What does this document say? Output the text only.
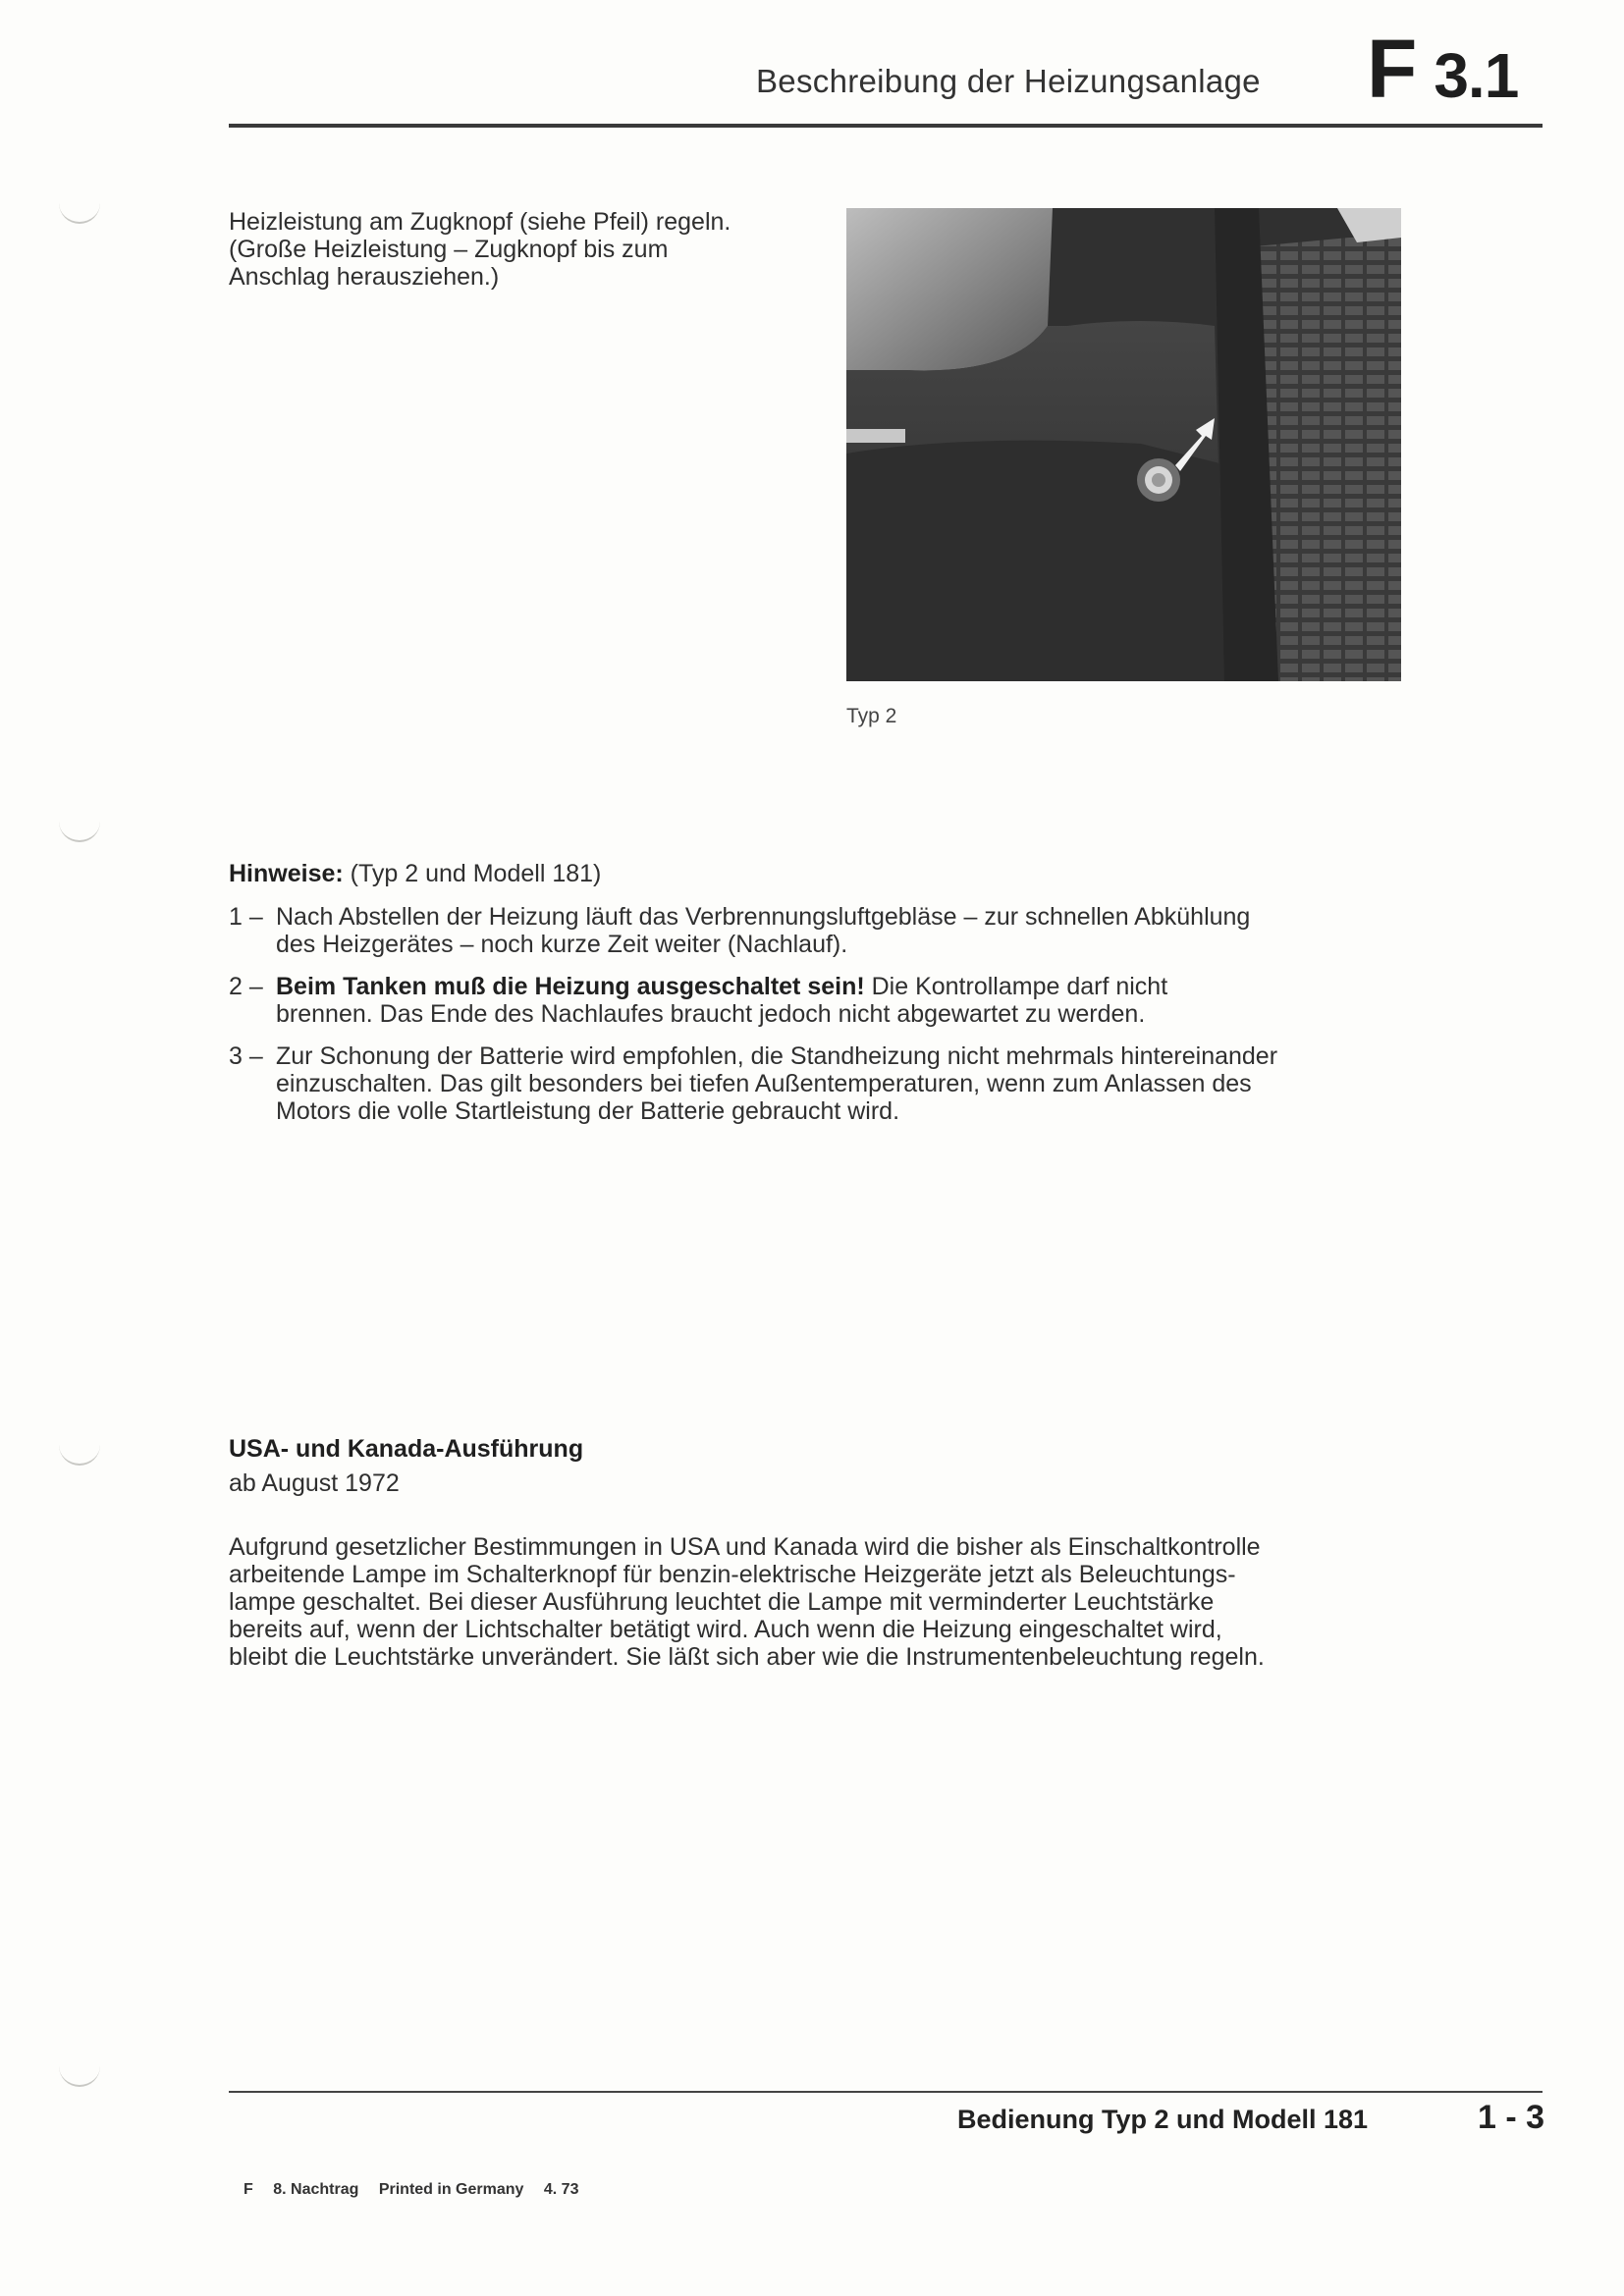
Beschreibung der Heizungsanlage F 3.1
Heizleistung am Zugknopf (siehe Pfeil) regeln.
(Große Heizleistung – Zugknopf bis zum
Anschlag herausziehen.)
Typ 2
Hinweise: (Typ 2 und Modell 181)
1 – Nach Abstellen der Heizung läuft das Verbrennungsluftgebläse – zur schnellen Abkühlung
des Heizgerätes – noch kurze Zeit weiter (Nachlauf).
2 – Beim Tanken muß die Heizung ausgeschaltet sein! Die Kontrollampe darf nicht
brennen. Das Ende des Nachlaufes braucht jedoch nicht abgewartet zu werden.
3 – Zur Schonung der Batterie wird empfohlen, die Standheizung nicht mehrmals hintereinander
einzuschalten. Das gilt besonders bei tiefen Außentemperaturen, wenn zum Anlassen des
Motors die volle Startleistung der Batterie gebraucht wird.
USA- und Kanada-Ausführung
ab August 1972
Aufgrund gesetzlicher Bestimmungen in USA und Kanada wird die bisher als Einschaltkontrolle
arbeitende Lampe im Schalterknopf für benzin-elektrische Heizgeräte jetzt als Beleuchtungs-
lampe geschaltet. Bei dieser Ausführung leuchtet die Lampe mit verminderter Leuchtstärke
bereits auf, wenn der Lichtschalter betätigt wird. Auch wenn die Heizung eingeschaltet wird,
bleibt die Leuchtstärke unverändert. Sie läßt sich aber wie die Instrumentenbeleuchtung regeln.
Bedienung Typ 2 und Modell 181	1 - 3
F 8. Nachtrag Printed in Germany 4. 73
